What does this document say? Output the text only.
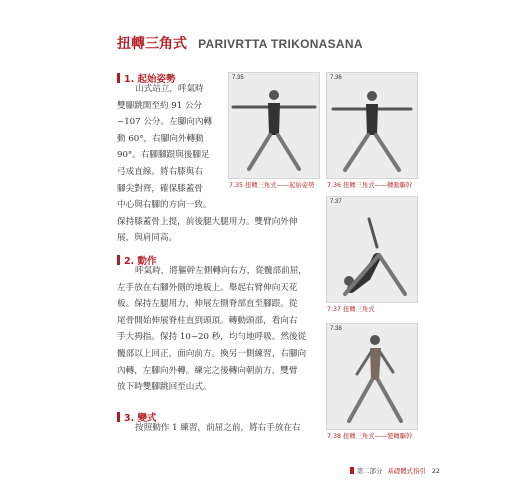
扭轉三角式 PARIVRTTA TRIKONASANA
1. 起始姿勢
山式站立，呼氣時
雙腳跳開至約 91 公分
~107 公分。左腳向內轉
動 60°，右腳向外轉動
90°。右腳腳跟與後腳足
弓成直線。將右膝與右
腳尖對齊，確保膝蓋骨
中心與右腳的方向一致。
保持膝蓋骨上提，前後腿大腿用力。雙臂向外伸
展，與肩同高。
2. 動作
呼氣時，將軀幹左側轉向右方，從髖部前屈，
左手放在右腳外側的地板上。舉起右臂伸向天花
板。保持左腿用力，伸展左側脊部直至腳跟。從
尾骨開始伸展脊柱直到頭頂。轉動頭部，看向右
手大拇指。保持 10~20 秒，均勻地呼吸。然後從
髖部以上回正，面向前方。換另一側練習，右腳向
內轉，左腳向外轉。練完之後轉向朝前方，雙臂
放下時雙腳跳回至山式。
3. 變式
按照動作 1 練習，前屈之前，將右手放在右
7.35
7.35 扭轉三角式——起始姿勢
7.36
7.36 扭轉三角式——轉動驅幹
7.37
7.37 扭轉三角式
7.38
7.38 扭轉三角式——變轉驅幹
第二部分 基礎體式指引 22
